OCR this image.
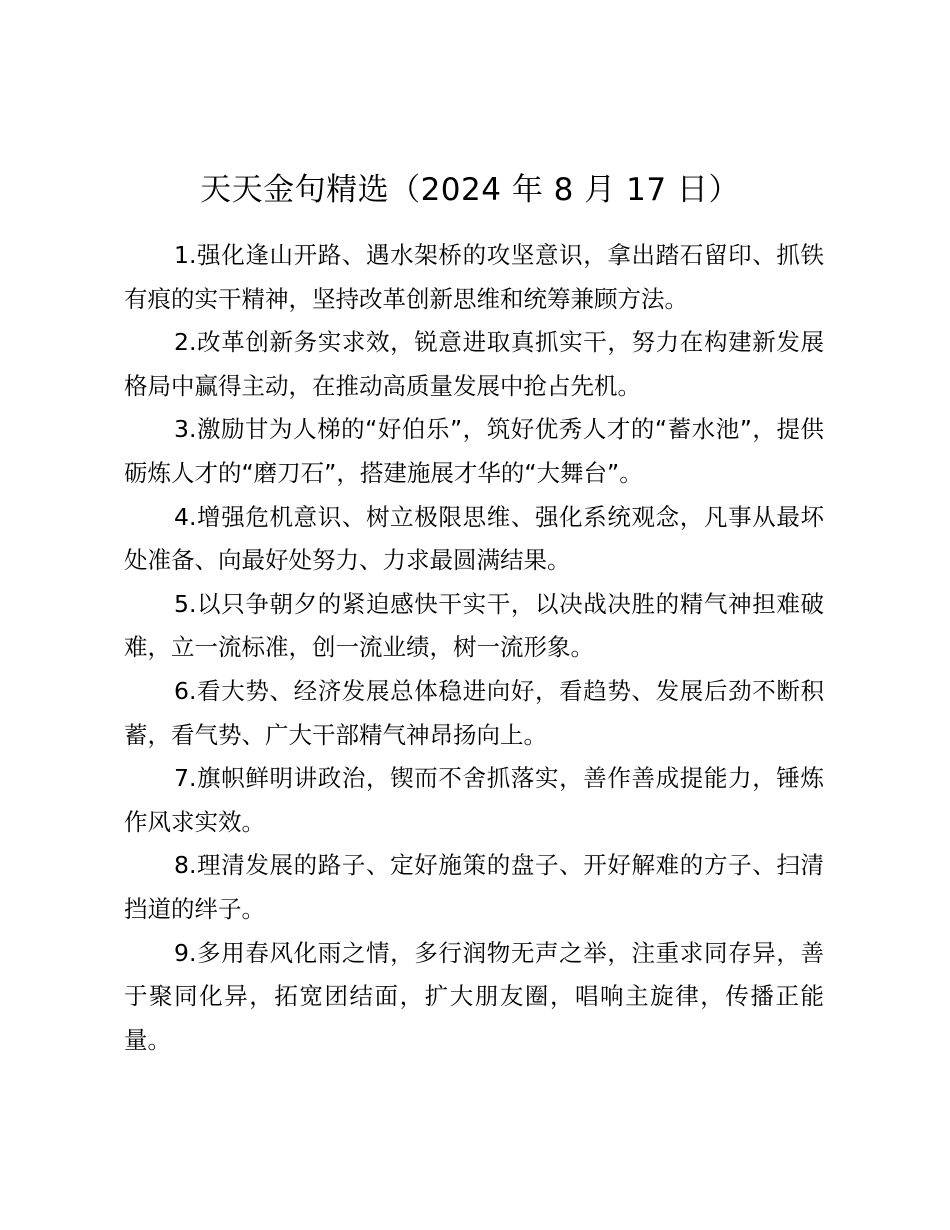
天天金句精选（2024 年 8 月 17 日）

1.强化逢山开路、遇水架桥的攻坚意识，拿出踏石留印、抓铁有痕的实干精神，坚持改革创新思维和统筹兼顾方法。

2.改革创新务实求效，锐意进取真抓实干，努力在构建新发展格局中赢得主动，在推动高质量发展中抢占先机。

3.激励甘为人梯的“好伯乐”，筑好优秀人才的“蓄水池”，提供砺炼人才的“磨刀石”，搭建施展才华的“大舞台”。

4.增强危机意识、树立极限思维、强化系统观念，凡事从最坏处准备、向最好处努力、力求最圆满结果。

5.以只争朝夕的紧迫感快干实干，以决战决胜的精气神担难破难，立一流标准，创一流业绩，树一流形象。

6.看大势、经济发展总体稳进向好，看趋势、发展后劲不断积蓄，看气势、广大干部精气神昂扬向上。

7.旗帜鲜明讲政治，锲而不舍抓落实，善作善成提能力，锤炼作风求实效。

8.理清发展的路子、定好施策的盘子、开好解难的方子、扫清挡道的绊子。

9.多用春风化雨之情，多行润物无声之举，注重求同存异，善于聚同化异，拓宽团结面，扩大朋友圈，唱响主旋律，传播正能量。
